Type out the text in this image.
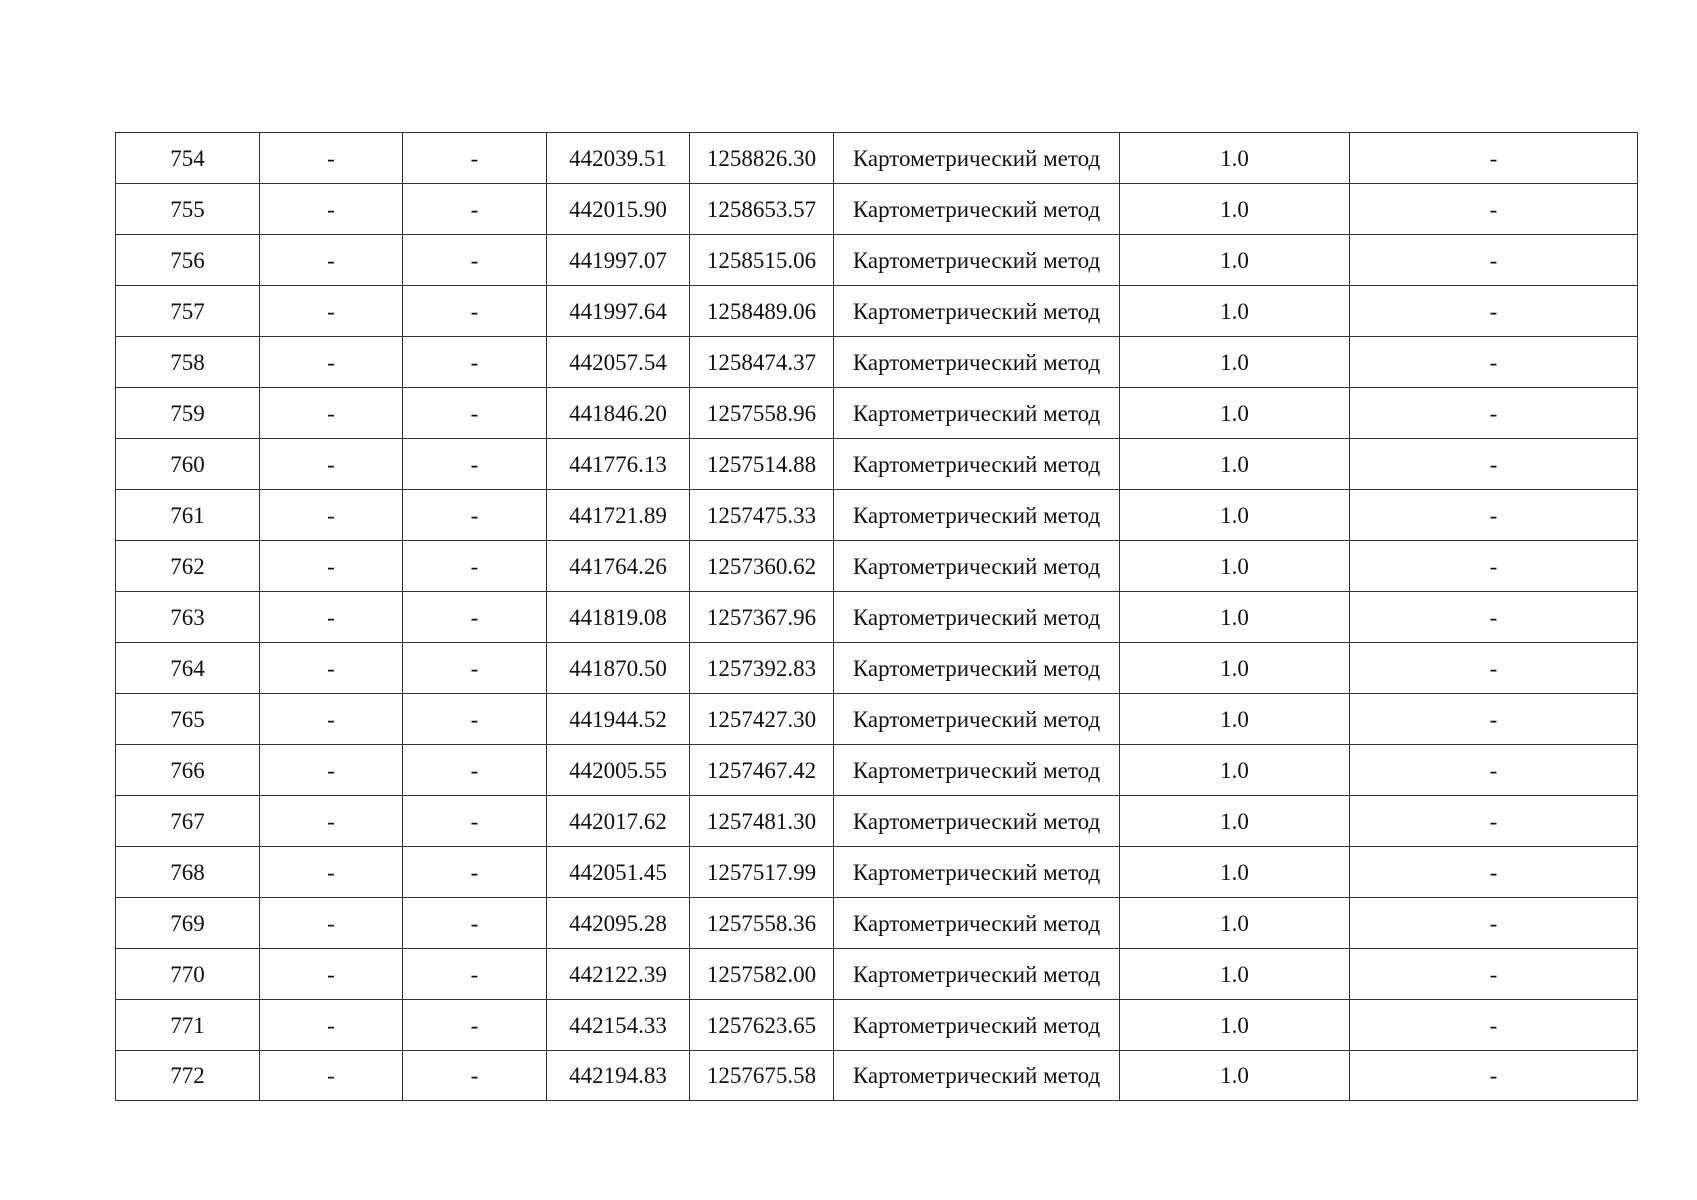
754	-	-	442039.51	1258826.30	Картометрический метод	1.0	-
755	-	-	442015.90	1258653.57	Картометрический метод	1.0	-
756	-	-	441997.07	1258515.06	Картометрический метод	1.0	-
757	-	-	441997.64	1258489.06	Картометрический метод	1.0	-
758	-	-	442057.54	1258474.37	Картометрический метод	1.0	-
759	-	-	441846.20	1257558.96	Картометрический метод	1.0	-
760	-	-	441776.13	1257514.88	Картометрический метод	1.0	-
761	-	-	441721.89	1257475.33	Картометрический метод	1.0	-
762	-	-	441764.26	1257360.62	Картометрический метод	1.0	-
763	-	-	441819.08	1257367.96	Картометрический метод	1.0	-
764	-	-	441870.50	1257392.83	Картометрический метод	1.0	-
765	-	-	441944.52	1257427.30	Картометрический метод	1.0	-
766	-	-	442005.55	1257467.42	Картометрический метод	1.0	-
767	-	-	442017.62	1257481.30	Картометрический метод	1.0	-
768	-	-	442051.45	1257517.99	Картометрический метод	1.0	-
769	-	-	442095.28	1257558.36	Картометрический метод	1.0	-
770	-	-	442122.39	1257582.00	Картометрический метод	1.0	-
771	-	-	442154.33	1257623.65	Картометрический метод	1.0	-
772	-	-	442194.83	1257675.58	Картометрический метод	1.0	-
